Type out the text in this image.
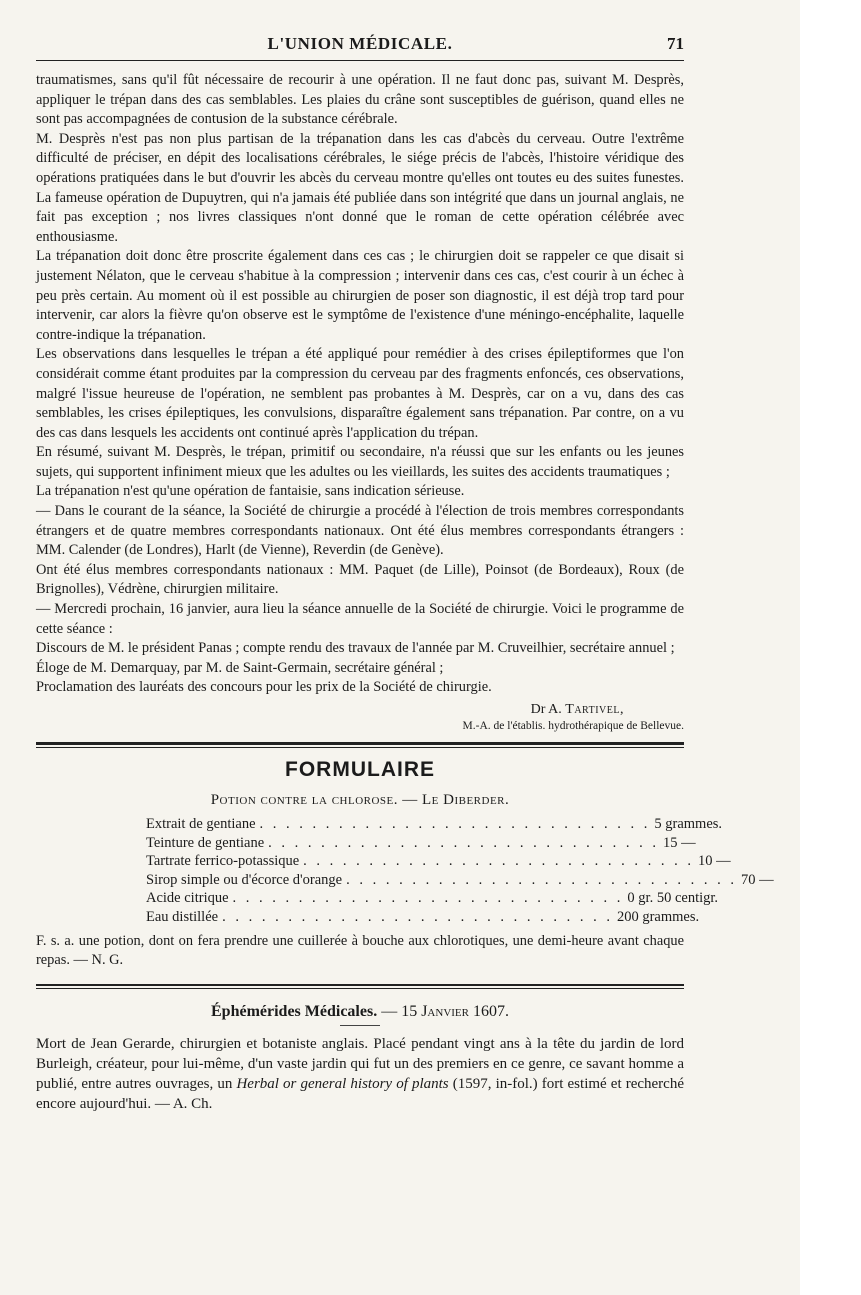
L'UNION MÉDICALE.	71

traumatismes, sans qu'il fût nécessaire de recourir à une opération. Il ne faut donc pas, suivant M. Desprès, appliquer le trépan dans des cas semblables. Les plaies du crâne sont susceptibles de guérison, quand elles ne sont pas accompagnées de contusion de la substance cérébrale.

M. Desprès n'est pas non plus partisan de la trépanation dans les cas d'abcès du cerveau. Outre l'extrême difficulté de préciser, en dépit des localisations cérébrales, le siége précis de l'abcès, l'histoire véridique des opérations pratiquées dans le but d'ouvrir les abcès du cerveau montre qu'elles ont toutes eu des suites funestes. La fameuse opération de Dupuytren, qui n'a jamais été publiée dans son intégrité que dans un journal anglais, ne fait pas exception ; nos livres classiques n'ont donné que le roman de cette opération célébrée avec enthousiasme.

La trépanation doit donc être proscrite également dans ces cas ; le chirurgien doit se rappeler ce que disait si justement Nélaton, que le cerveau s'habitue à la compression ; intervenir dans ces cas, c'est courir à un échec à peu près certain. Au moment où il est possible au chirurgien de poser son diagnostic, il est déjà trop tard pour intervenir, car alors la fièvre qu'on observe est le symptôme de l'existence d'une méningo-encéphalite, laquelle contre-indique la trépanation.

Les observations dans lesquelles le trépan a été appliqué pour remédier à des crises épileptiformes que l'on considérait comme étant produites par la compression du cerveau par des fragments enfoncés, ces observations, malgré l'issue heureuse de l'opération, ne semblent pas probantes à M. Desprès, car on a vu, dans des cas semblables, les crises épileptiques, les convulsions, disparaître également sans trépanation. Par contre, on a vu des cas dans lesquels les accidents ont continué après l'application du trépan.

En résumé, suivant M. Desprès, le trépan, primitif ou secondaire, n'a réussi que sur les enfants ou les jeunes sujets, qui supportent infiniment mieux que les adultes ou les vieillards, les suites des accidents traumatiques ;

La trépanation n'est qu'une opération de fantaisie, sans indication sérieuse.

— Dans le courant de la séance, la Société de chirurgie a procédé à l'élection de trois membres correspondants étrangers et de quatre membres correspondants nationaux. Ont été élus membres correspondants étrangers : MM. Calender (de Londres), Harlt (de Vienne), Reverdin (de Genève).

Ont été élus membres correspondants nationaux : MM. Paquet (de Lille), Poinsot (de Bordeaux), Roux (de Brignolles), Védrène, chirurgien militaire.

— Mercredi prochain, 16 janvier, aura lieu la séance annuelle de la Société de chirurgie. Voici le programme de cette séance :

Discours de M. le président Panas ; compte rendu des travaux de l'année par M. Cruveilhier, secrétaire annuel ;

Éloge de M. Demarquay, par M. de Saint-Germain, secrétaire général ;

Proclamation des lauréats des concours pour les prix de la Société de chirurgie.

Dr A. Tartivel,
M.-A. de l'établis. hydrothérapique de Bellevue.
FORMULAIRE
Potion contre la chlorose. — Le Diberder.
Extrait de gentiane . . . . . . . . . . . . . . . . . . . . . . . . . . . . . . 5 grammes.
Teinture de gentiane . . . . . . . . . . . . . . . . . . . . . . . . . . . . . . 15 —
Tartrate ferrico-potassique . . . . . . . . . . . . . . . . . . . . . . . . . . . . . . 10 —
Sirop simple ou d'écorce d'orange . . . . . . . . . . . . . . . . . . . . . . . . . . . . . . 70 —
Acide citrique . . . . . . . . . . . . . . . . . . . . . . . . . . . . . . 0 gr. 50 centigr.
Eau distillée . . . . . . . . . . . . . . . . . . . . . . . . . . . . . . 200 grammes.

F. s. a. une potion, dont on fera prendre une cuillerée à bouche aux chlorotiques, une demi-heure avant chaque repas. — N. G.

Éphémérides Médicales. — 15 Janvier 1607.

Mort de Jean Gerarde, chirurgien et botaniste anglais. Placé pendant vingt ans à la tête du jardin de lord Burleigh, créateur, pour lui-même, d'un vaste jardin qui fut un des premiers en ce genre, ce savant homme a publié, entre autres ouvrages, un Herbal or general history of plants (1597, in-fol.) fort estimé et recherché encore aujourd'hui. — A. Ch.
